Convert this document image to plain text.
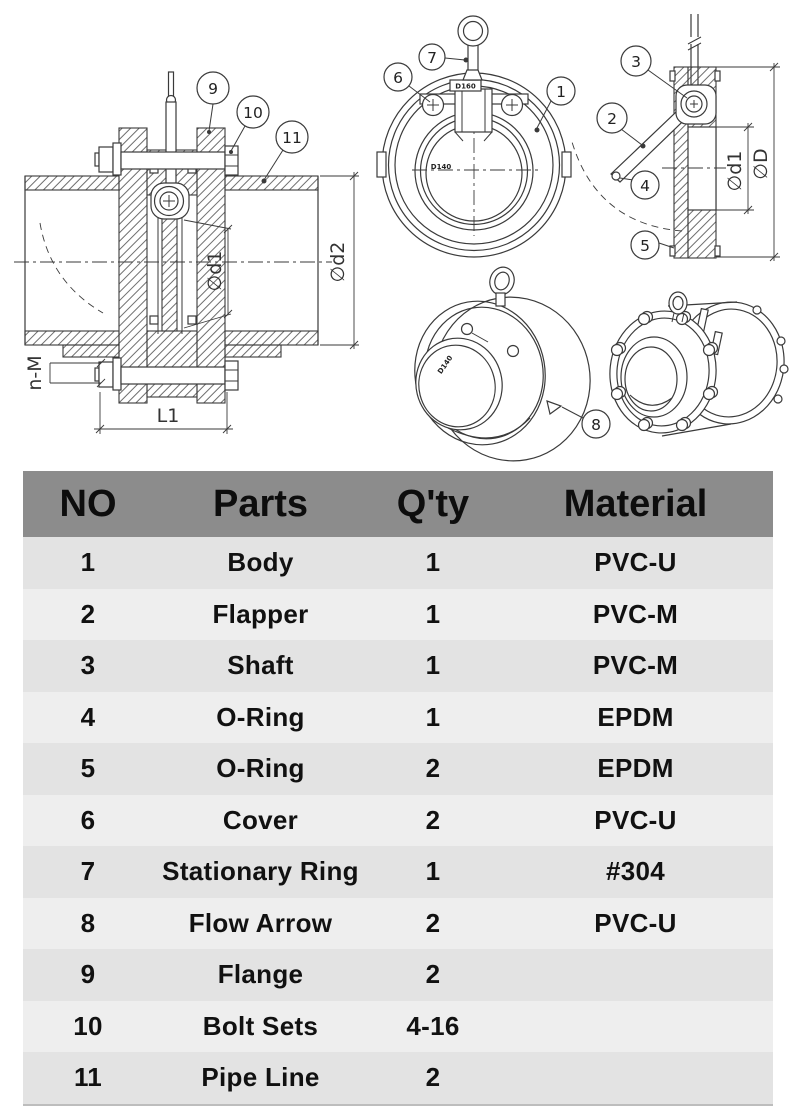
∅d1	∅d2
n-M
L1
9
10
11
D140
D160
6
7
1
∅d1 ∅D
3
2
4
5
D140
8
NO	Parts	Q'ty	Material
1	Body	1	PVC-U
2	Flapper	1	PVC-M
3	Shaft	1	PVC-M
4	O-Ring	1	EPDM
5	O-Ring	2	EPDM
6	Cover	2	PVC-U
7	Stationary Ring	1	#304
8	Flow Arrow	2	PVC-U
9	Flange	2
10	Bolt Sets	4-16
11	Pipe Line	2
